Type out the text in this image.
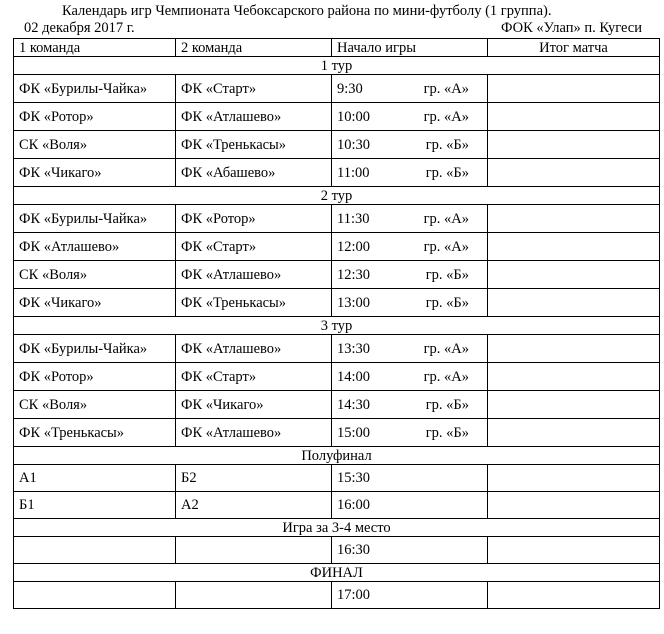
Календарь игр Чемпионата Чебоксарского района по мини-футболу (1 группа).
02 декабря 2017 г.	ФОК «Улап» п. Кугеси
1 команда	2 команда	Начало игры	Итог матча
1 тур			
ФК «Бурилы-Чайка»	ФК «Старт»	9:30 гр. «А»	

ФК «Ротор»	ФК «Атлашево»	10:00 гр. «А»	

СК «Воля»	ФК «Тренькасы»	10:30 гр. «Б»	

ФК «Чикаго»	ФК «Абашево»	11:00 гр. «Б»	

2 тур			
ФК «Бурилы-Чайка»	ФК «Ротор»	11:30 гр. «А»	

ФК «Атлашево»	ФК «Старт»	12:00 гр. «А»	

СК «Воля»	ФК «Атлашево»	12:30 гр. «Б»	

ФК «Чикаго»	ФК «Тренькасы»	13:00 гр. «Б»	

3 тур			
ФК «Бурилы-Чайка»	ФК «Атлашево»	13:30 гр. «А»	

ФК «Ротор»	ФК «Старт»	14:00 гр. «А»	

СК «Воля»	ФК «Чикаго»	14:30 гр. «Б»	

ФК «Тренькасы»	ФК «Атлашево»	15:00 гр. «Б»	

Полуфинал			
А1	Б2	15:30

Б1	А2	16:00

Игра за 3-4 место			
		16:30

ФИНАЛ			
		17:00
